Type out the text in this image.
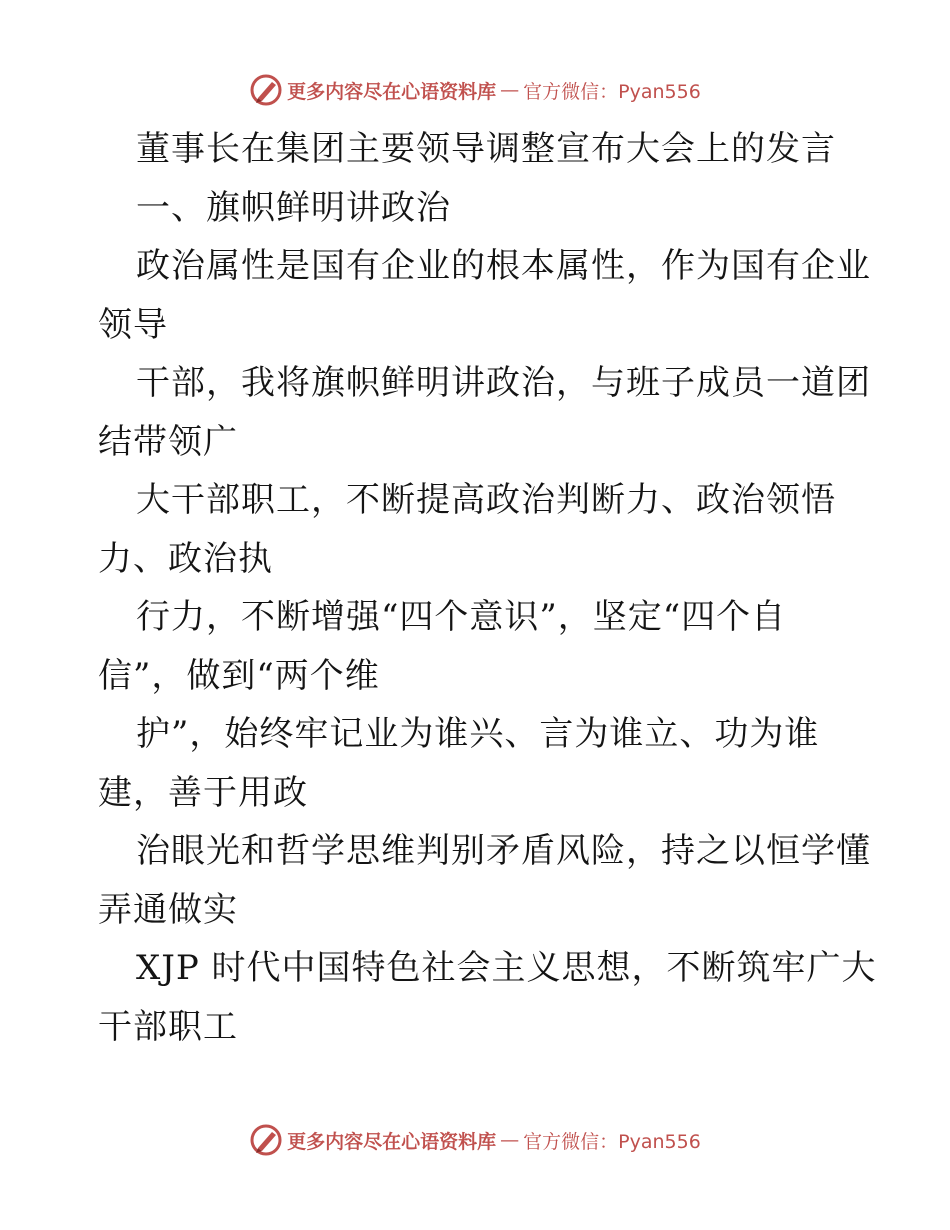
更多内容尽在心语资料库 — 官方微信：Pyan556
董事长在集团主要领导调整宣布大会上的发言
一、旗帜鲜明讲政治
政治属性是国有企业的根本属性，作为国有企业
领导
干部，我将旗帜鲜明讲政治，与班子成员一道团
结带领广
大干部职工，不断提高政治判断力、政治领悟
力、政治执
行力，不断增强“四个意识”，坚定“四个自
信”，做到“两个维
护”，始终牢记业为谁兴、言为谁立、功为谁
建，善于用政
治眼光和哲学思维判别矛盾风险，持之以恒学懂
弄通做实
XJP 时代中国特色社会主义思想，不断筑牢广大
干部职工
更多内容尽在心语资料库 — 官方微信：Pyan556
